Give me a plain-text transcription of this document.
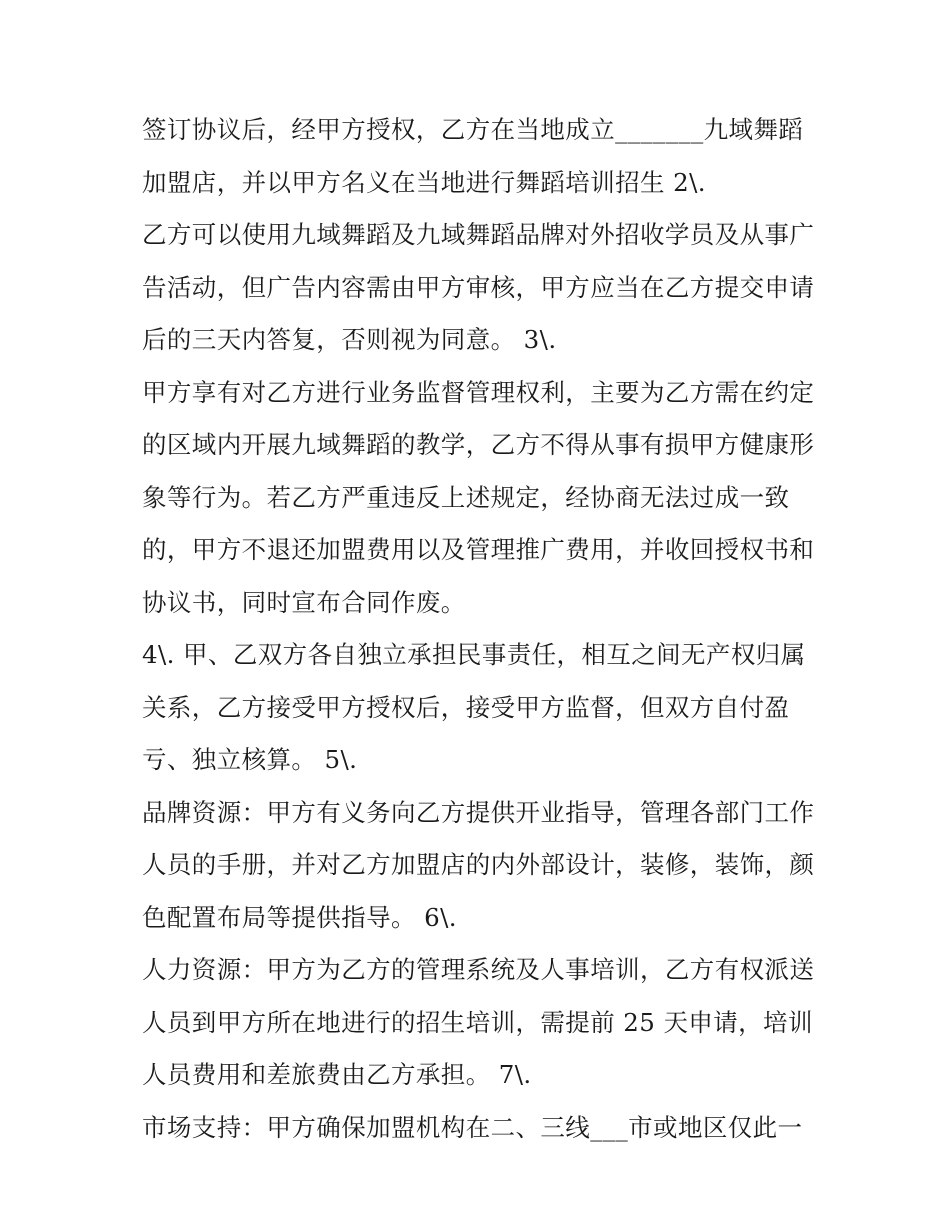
签订协议后，经甲方授权，乙方在当地成立_______九域舞蹈
加盟店，并以甲方名义在当地进行舞蹈培训招生 2\.
乙方可以使用九域舞蹈及九域舞蹈品牌对外招收学员及从事广
告活动，但广告内容需由甲方审核，甲方应当在乙方提交申请
后的三天内答复，否则视为同意。 3\.
甲方享有对乙方进行业务监督管理权利，主要为乙方需在约定
的区域内开展九域舞蹈的教学，乙方不得从事有损甲方健康形
象等行为。若乙方严重违反上述规定，经协商无法过成一致
的，甲方不退还加盟费用以及管理推广费用，并收回授权书和
协议书，同时宣布合同作废。
4\. 甲、乙双方各自独立承担民事责任，相互之间无产权归属
关系，乙方接受甲方授权后，接受甲方监督，但双方自付盈
亏、独立核算。 5\.
品牌资源：甲方有义务向乙方提供开业指导，管理各部门工作
人员的手册，并对乙方加盟店的内外部设计，装修，装饰，颜
色配置布局等提供指导。 6\.
人力资源：甲方为乙方的管理系统及人事培训，乙方有权派送
人员到甲方所在地进行的招生培训，需提前 25 天申请，培训
人员费用和差旅费由乙方承担。 7\.
市场支持：甲方确保加盟机构在二、三线___市或地区仅此一
